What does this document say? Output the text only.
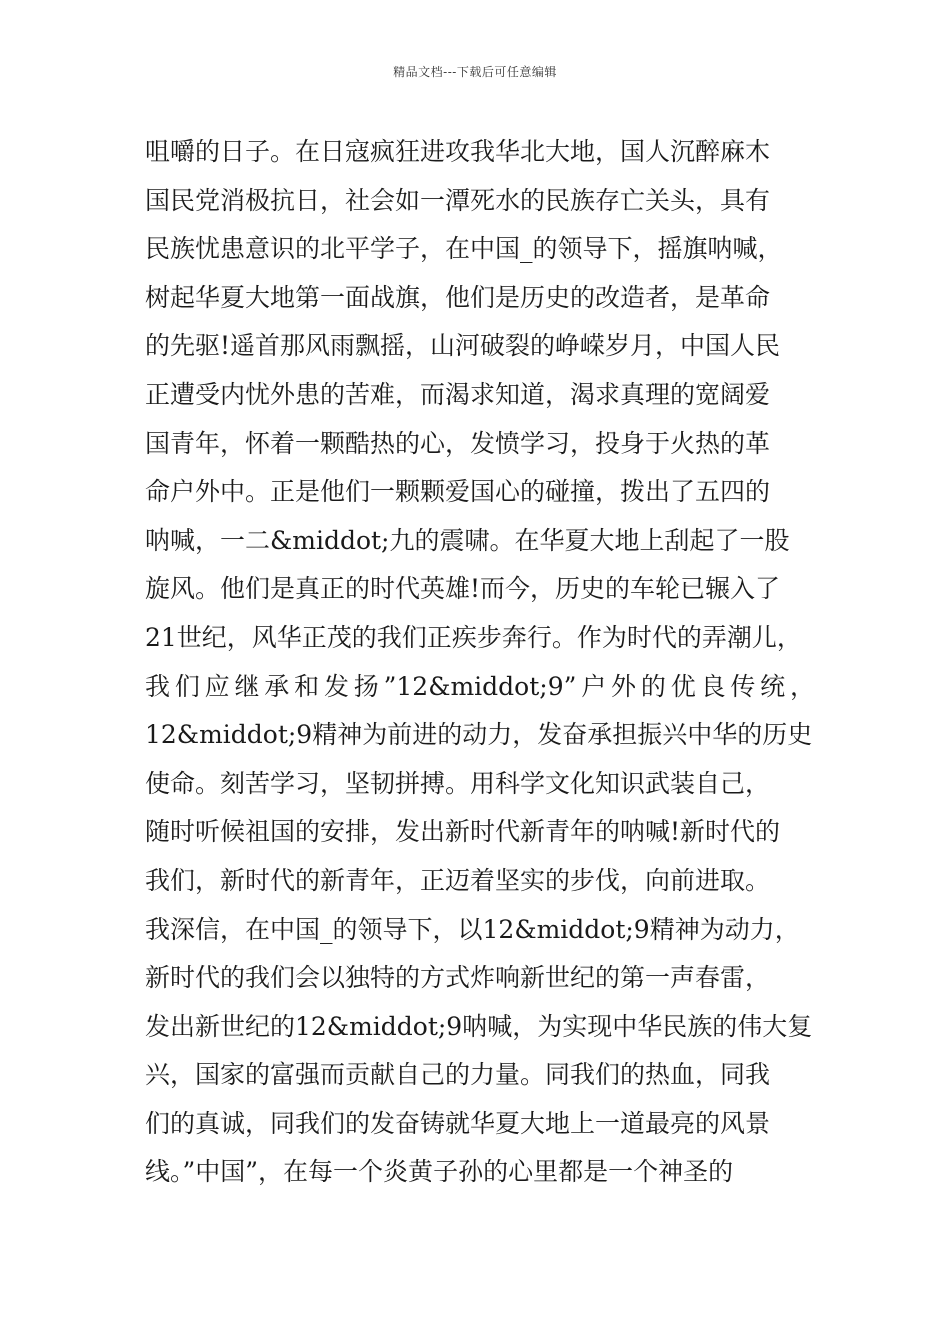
精品文档---下载后可任意编辑
咀嚼的日子。在日寇疯狂进攻我华北大地，国人沉醉麻木
国民党消极抗日，社会如一潭死水的民族存亡关头，具有
民族忧患意识的北平学子，在中国_的领导下，摇旗呐喊，
树起华夏大地第一面战旗，他们是历史的改造者，是革命
的先驱!遥首那风雨飘摇，山河破裂的峥嵘岁月，中国人民
正遭受内忧外患的苦难，而渴求知道，渴求真理的宽阔爱
国青年，怀着一颗酷热的心，发愤学习，投身于火热的革
命户外中。正是他们一颗颗爱国心的碰撞，拨出了五四的
呐喊，一二&middot;九的震啸。在华夏大地上刮起了一股
旋风。他们是真正的时代英雄!而今，历史的车轮已辗入了
21世纪，风华正茂的我们正疾步奔行。作为时代的弄潮儿，
我们应继承和发扬”12&middot;9”户外的优良传统，
12&middot;9精神为前进的动力，发奋承担振兴中华的历史
使命。刻苦学习，坚韧拼搏。用科学文化知识武装自己，
随时听候祖国的安排，发出新时代新青年的呐喊!新时代的
我们，新时代的新青年，正迈着坚实的步伐，向前进取。
我深信，在中国_的领导下，以12&middot;9精神为动力，
新时代的我们会以独特的方式炸响新世纪的第一声春雷，
发出新世纪的12&middot;9呐喊，为实现中华民族的伟大复
兴，国家的富强而贡献自己的力量。同我们的热血，同我
们的真诚，同我们的发奋铸就华夏大地上一道最亮的风景
线。”中国”，在每一个炎黄子孙的心里都是一个神圣的
